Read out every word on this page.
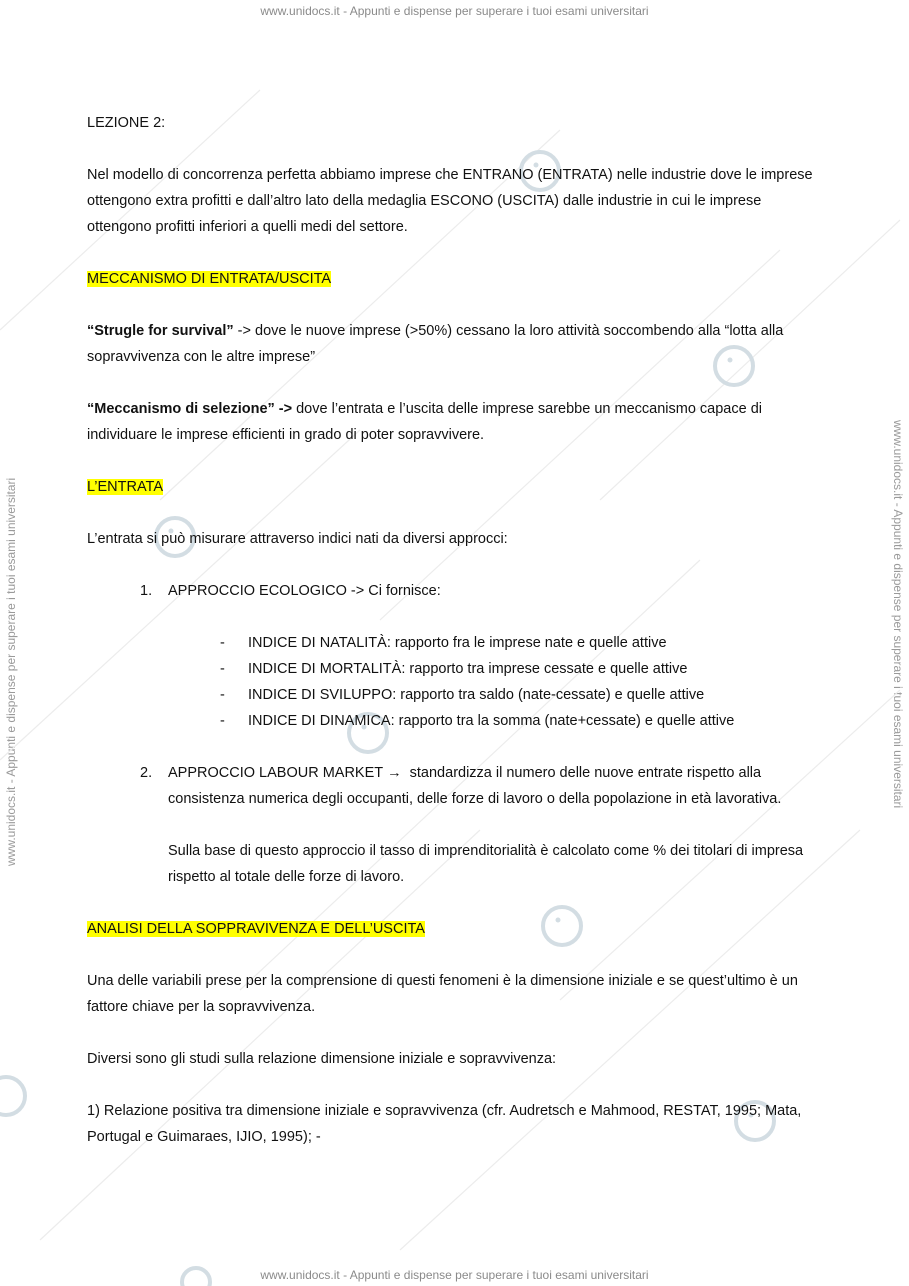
www.unidocs.it - Appunti e dispense per superare i tuoi esami universitari
www.unidocs.it - Appunti e dispense per superare i tuoi esami universitari
www.unidocs.it - Appunti e dispense per superare i tuoi esami universitari	www.unidocs.it - Appunti e dispense per superare i tuoi esami universitari

LEZIONE 2:

Nel modello di concorrenza perfetta abbiamo imprese che ENTRANO (ENTRATA) nelle industrie dove le imprese ottengono extra profitti e dall’altro lato della medaglia ESCONO (USCITA) dalle industrie in cui le imprese ottengono profitti inferiori a quelli medi del settore.

MECCANISMO DI ENTRATA/USCITA

“Strugle for survival” -> dove le nuove imprese (>50%) cessano la loro attività soccombendo alla “lotta alla sopravvivenza con le altre imprese”

“Meccanismo di selezione” -> dove l’entrata e l’uscita delle imprese sarebbe un meccanismo capace di individuare le imprese efficienti in grado di poter sopravvivere.

L’ENTRATA

L’entrata si può misurare attraverso indici nati da diversi approcci:

1.	APPROCCIO ECOLOGICO -> Ci fornisce:
-	INDICE DI NATALITÀ: rapporto fra le imprese nate e quelle attive
-	INDICE DI MORTALITÀ: rapporto tra imprese cessate e quelle attive
-	INDICE DI SVILUPPO: rapporto tra saldo (nate-cessate) e quelle attive
-	INDICE DI DINAMICA: rapporto tra la somma (nate+cessate) e quelle attive
2.	APPROCCIO LABOUR MARKET → standardizza il numero delle nuove entrate rispetto alla consistenza numerica degli occupanti, delle forze di lavoro o della popolazione in età lavorativa.

Sulla base di questo approccio il tasso di imprenditorialità è calcolato come % dei titolari di impresa rispetto al totale delle forze di lavoro.

ANALISI DELLA SOPPRAVIVENZA E DELL’USCITA

Una delle variabili prese per la comprensione di questi fenomeni è la dimensione iniziale e se quest’ultimo è un fattore chiave per la sopravvivenza.

Diversi sono gli studi sulla relazione dimensione iniziale e sopravvivenza:

1) Relazione positiva tra dimensione iniziale e sopravvivenza (cfr. Audretsch e Mahmood, RESTAT, 1995; Mata, Portugal e Guimaraes, IJIO, 1995); -
